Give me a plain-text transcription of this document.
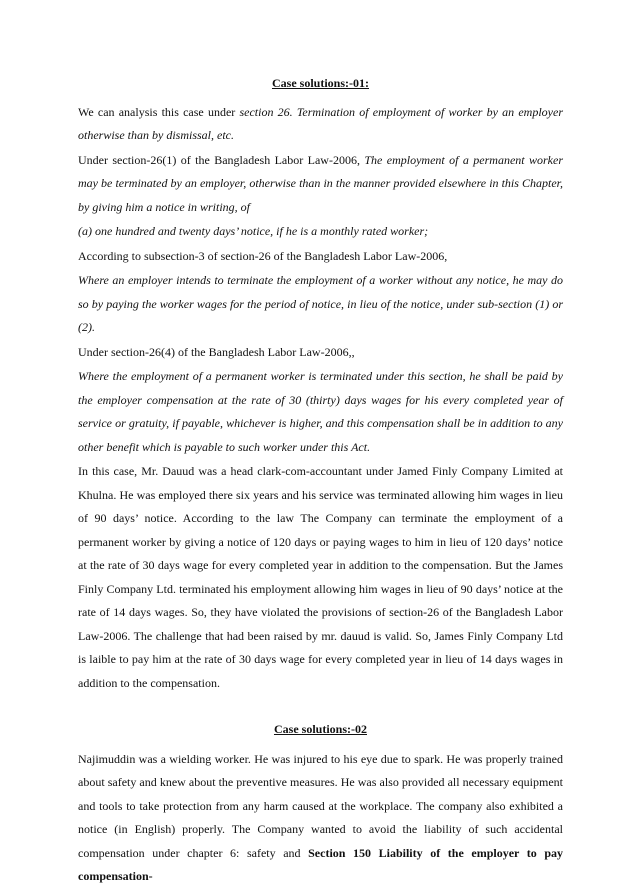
Case solutions:-01:

We can analysis this case under section 26. Termination of employment of worker by an employer otherwise than by dismissal, etc.

Under section-26(1) of the Bangladesh Labor Law-2006, The employment of a permanent worker may be terminated by an employer, otherwise than in the manner provided elsewhere in this Chapter, by giving him a notice in writing, of

(a) one hundred and twenty days’ notice, if he is a monthly rated worker;

According to subsection-3 of section-26 of the Bangladesh Labor Law-2006,

Where an employer intends to terminate the employment of a worker without any notice, he may do so by paying the worker wages for the period of notice, in lieu of the notice, under sub-section (1) or (2).

Under section-26(4) of the Bangladesh Labor Law-2006,,

Where the employment of a permanent worker is terminated under this section, he shall be paid by the employer compensation at the rate of 30 (thirty) days wages for his every completed year of service or gratuity, if payable, whichever is higher, and this compensation shall be in addition to any other benefit which is payable to such worker under this Act.

In this case, Mr. Dauud was a head clark-com-accountant under Jamed Finly Company Limited at Khulna. He was employed there six years and his service was terminated allowing him wages in lieu of 90 days’ notice. According to the law The Company can terminate the employment of a permanent worker by giving a notice of 120 days or paying wages to him in lieu of 120 days’ notice at the rate of 30 days wage for every completed year in addition to the compensation. But the James Finly Company Ltd. terminated his employment allowing him wages in lieu of 90 days’ notice at the rate of 14 days wages. So, they have violated the provisions of section-26 of the Bangladesh Labor Law-2006. The challenge that had been raised by mr. dauud is valid. So, James Finly Company Ltd is laible to pay him at the rate of 30 days wage for every completed year in lieu of 14 days wages in addition to the compensation.

Case solutions:-02

Najimuddin was a wielding worker. He was injured to his eye due to spark. He was properly trained about safety and knew about the preventive measures. He was also provided all necessary equipment and tools to take protection from any harm caused at the workplace. The company also exhibited a notice (in English) properly. The Company wanted to avoid the liability of such accidental compensation under chapter 6: safety and Section 150 Liability of the employer to pay compensation-
